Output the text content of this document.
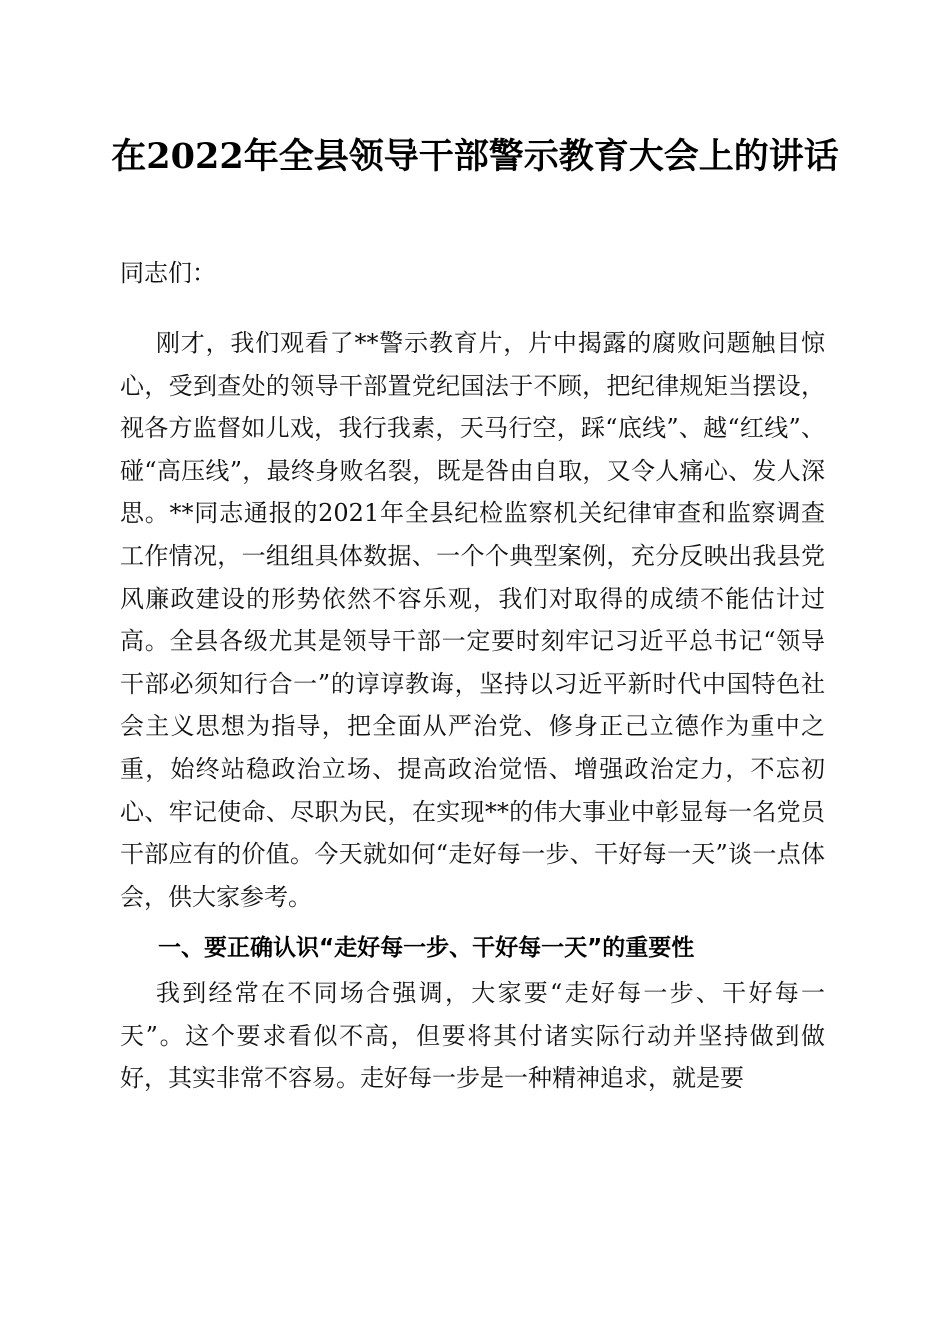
在2022年全县领导干部警示教育大会上的讲话

同志们：

刚才，我们观看了**警示教育片，片中揭露的腐败问题触目惊心，受到查处的领导干部置党纪国法于不顾，把纪律规矩当摆设，视各方监督如儿戏，我行我素，天马行空，踩“底线”、越“红线”、碰“高压线”，最终身败名裂，既是咎由自取，又令人痛心、发人深思。**同志通报的2021年全县纪检监察机关纪律审查和监察调查工作情况，一组组具体数据、一个个典型案例，充分反映出我县党风廉政建设的形势依然不容乐观，我们对取得的成绩不能估计过高。全县各级尤其是领导干部一定要时刻牢记习近平总书记“领导干部必须知行合一”的谆谆教诲，坚持以习近平新时代中国特色社会主义思想为指导，把全面从严治党、修身正己立德作为重中之重，始终站稳政治立场、提高政治觉悟、增强政治定力，不忘初心、牢记使命、尽职为民，在实现**的伟大事业中彰显每一名党员干部应有的价值。今天就如何“走好每一步、干好每一天”谈一点体会，供大家参考。

一、要正确认识“走好每一步、干好每一天”的重要性

我到经常在不同场合强调，大家要“走好每一步、干好每一天”。这个要求看似不高，但要将其付诸实际行动并坚持做到做好，其实非常不容易。走好每一步是一种精神追求，就是要
